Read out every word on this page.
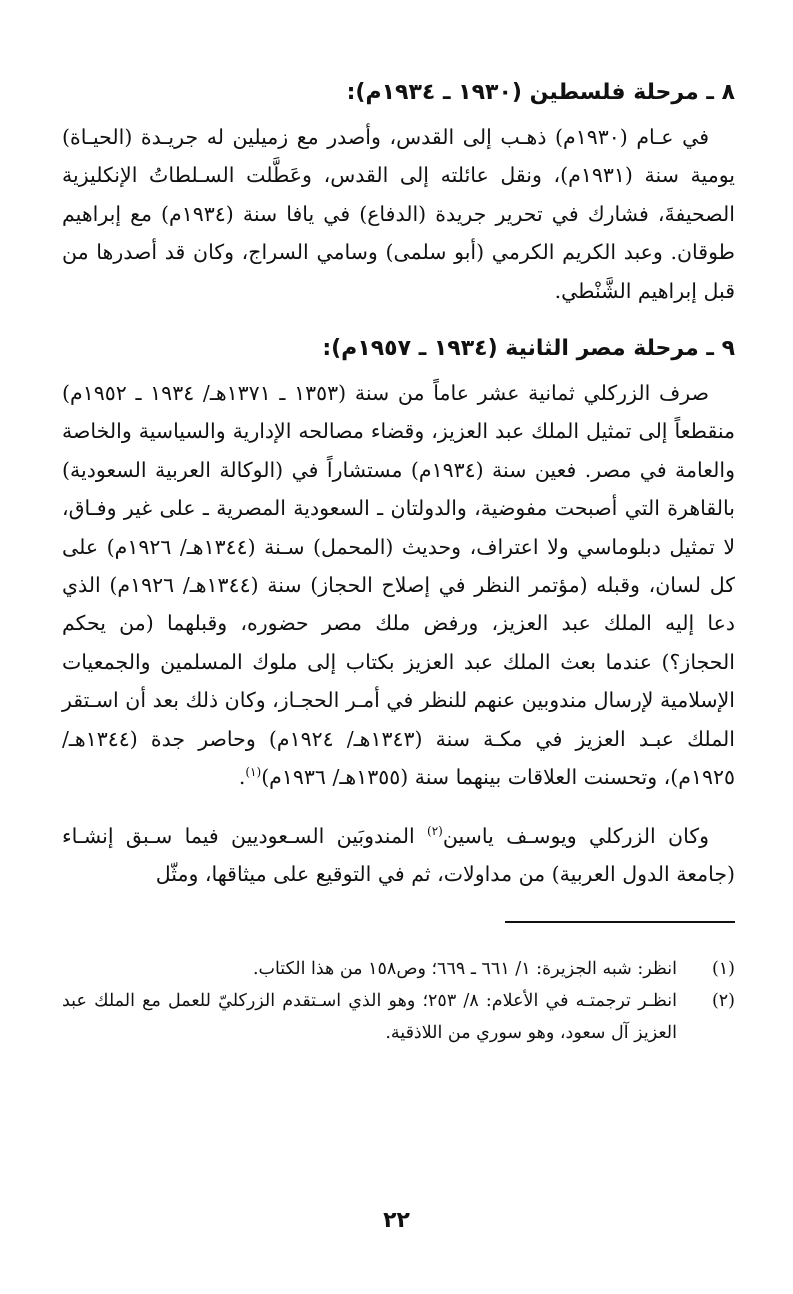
٨ ـ مرحلة فلسطين (١٩٣٠ ـ ١٩٣٤م):

في عـام (١٩٣٠م) ذهـب إلى القدس، وأصدر مع زميلين له جريـدة (الحيـاة) يومية سنة (١٩٣١م)، ونقل عائلته إلى القدس، وعَطَّلت السـلطاتُ الإنكليزية الصحيفةَ، فشارك في تحرير جريدة (الدفاع) في يافا سنة (١٩٣٤م) مع إبراهيم طوقان. وعبد الكريم الكرمي (أبو سلمى) وسامي السراج، وكان قد أصدرها من قبل إبراهيم الشَّنْطي.

٩ ـ مرحلة مصر الثانية (١٩٣٤ ـ ١٩٥٧م):

صرف الزركلي ثمانية عشر عاماً من سنة (١٣٥٣ ـ ١٣٧١هـ/ ١٩٣٤ ـ ١٩٥٢م) منقطعاً إلى تمثيل الملك عبد العزيز، وقضاء مصالحه الإدارية والسياسية والخاصة والعامة في مصر. فعين سنة (١٩٣٤م) مستشاراً في (الوكالة العربية السعودية) بالقاهرة التي أصبحت مفوضية، والدولتان ـ السعودية المصرية ـ على غير وفـاق، لا تمثيل دبلوماسي ولا اعتراف، وحديث (المحمل) سـنة (١٣٤٤هـ/ ١٩٢٦م) على كل لسان، وقبله (مؤتمر النظر في إصلاح الحجاز) سنة (١٣٤٤هـ/ ١٩٢٦م) الذي دعا إليه الملك عبد العزيز، ورفض ملك مصر حضوره، وقبلهما (من يحكم الحجاز؟) عندما بعث الملك عبد العزيز بكتاب إلى ملوك المسلمين والجمعيات الإسلامية لإرسال مندوبين عنهم للنظر في أمـر الحجـاز، وكان ذلك بعد أن اسـتقر الملك عبـد العزيز في مكـة سنة (١٣٤٣هـ/ ١٩٢٤م) وحاصر جدة (١٣٤٤هـ/ ١٩٢٥م)، وتحسنت العلاقات بينهما سنة (١٣٥٥هـ/ ١٩٣٦م)$^{(١)}$.

وكان الزركلي ويوسـف ياسين$^{(٢)}$ المندوبَين السـعوديين فيما سـبق إنشـاء (جامعة الدول العربية) من مداولات، ثم في التوقيع على ميثاقها، ومثّل

(١)
انظر: شبه الجزيرة: ١/ ٦٦١ ـ ٦٦٩؛ وص١٥٨ من هذا الكتاب.
(٢)
انظـر ترجمتـه في الأعلام: ٨/ ٢٥٣؛ وهو الذي اسـتقدم الزركليّ للعمل مع الملك عبد العزيز آل سعود، وهو سوري من اللاذقية.
٢٢
